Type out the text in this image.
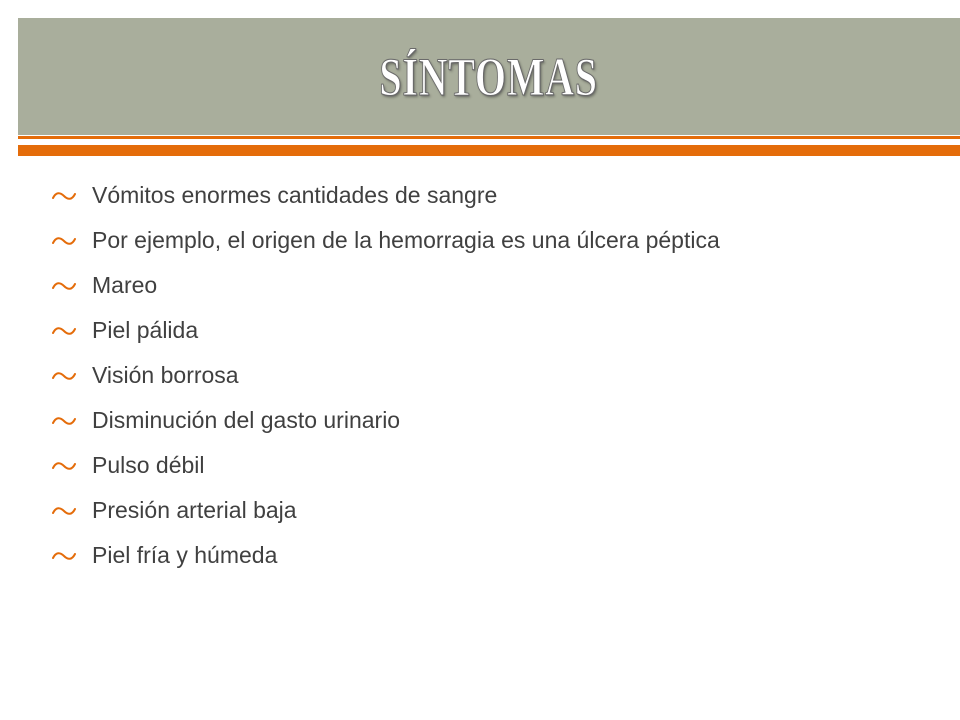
SÍNTOMAS
Vómitos enormes cantidades de sangre
Por ejemplo, el origen de la hemorragia es una úlcera péptica
Mareo
Piel pálida
Visión borrosa
Disminución del gasto urinario
Pulso débil
Presión arterial baja
Piel fría y húmeda
